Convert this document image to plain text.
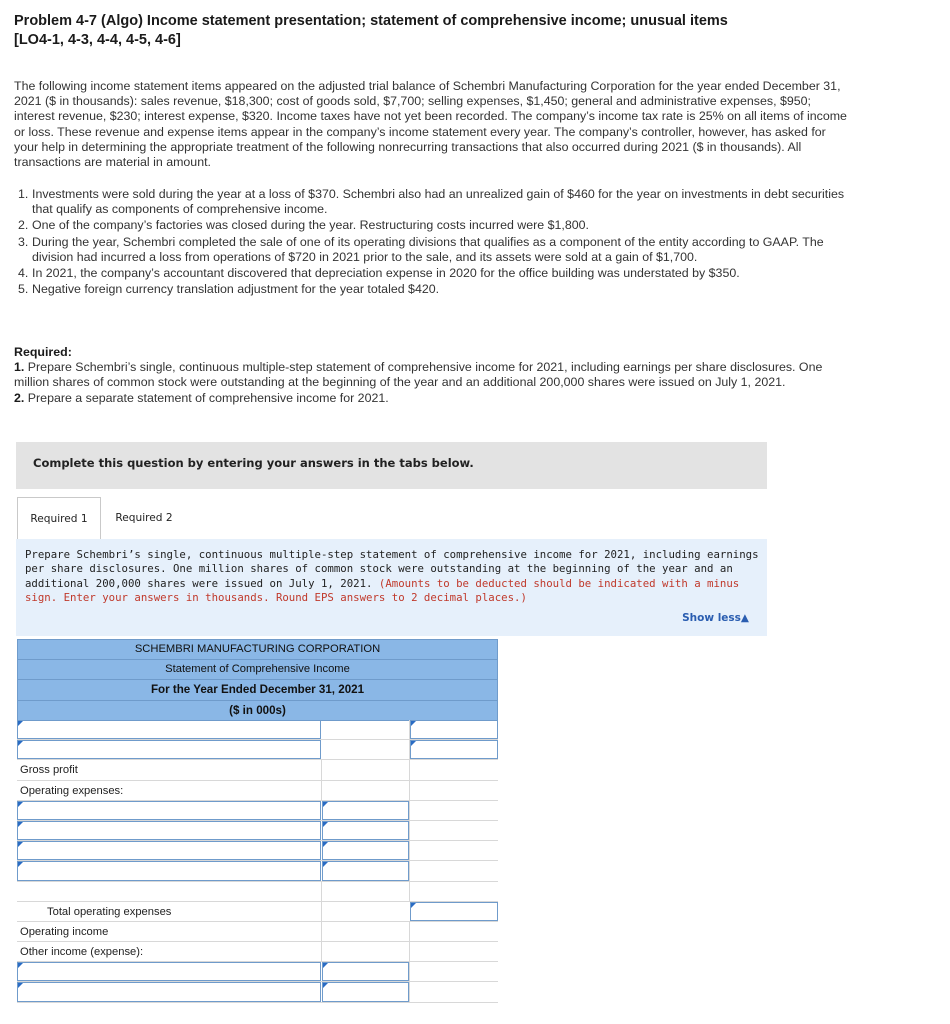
Problem 4-7 (Algo) Income statement presentation; statement of comprehensive income; unusual items
[LO4-1, 4-3, 4-4, 4-5, 4-6]

The following income statement items appeared on the adjusted trial balance of Schembri Manufacturing Corporation for the year ended December 31, 2021 ($ in thousands): sales revenue, $18,300; cost of goods sold, $7,700; selling expenses, $1,450; general and administrative expenses, $950; interest revenue, $230; interest expense, $320. Income taxes have not yet been recorded. The company’s income tax rate is 25% on all items of income or loss. These revenue and expense items appear in the company’s income statement every year. The company’s controller, however, has asked for your help in determining the appropriate treatment of the following nonrecurring transactions that also occurred during 2021 ($ in thousands). All transactions are material in amount.

1. Investments were sold during the year at a loss of $370. Schembri also had an unrealized gain of $460 for the year on investments in debt securities that qualify as components of comprehensive income.
2. One of the company’s factories was closed during the year. Restructuring costs incurred were $1,800.
3. During the year, Schembri completed the sale of one of its operating divisions that qualifies as a component of the entity according to GAAP. The division had incurred a loss from operations of $720 in 2021 prior to the sale, and its assets were sold at a gain of $1,700.
4. In 2021, the company’s accountant discovered that depreciation expense in 2020 for the office building was understated by $350.
5. Negative foreign currency translation adjustment for the year totaled $420.
Required:
1. Prepare Schembri’s single, continuous multiple-step statement of comprehensive income for 2021, including earnings per share disclosures. One million shares of common stock were outstanding at the beginning of the year and an additional 200,000 shares were issued on July 1, 2021.
2. Prepare a separate statement of comprehensive income for 2021.
Complete this question by entering your answers in the tabs below.
Required 1	Required 2

Prepare Schembri’s single, continuous multiple-step statement of comprehensive income for 2021, including earnings per share disclosures. One million shares of common stock were outstanding at the beginning of the year and an additional 200,000 shares were issued on July 1, 2021. (Amounts to be deducted should be indicated with a minus sign. Enter your answers in thousands. Round EPS answers to 2 decimal places.)

Show less▲
SCHEMBRI MANUFACTURING CORPORATION
Statement of Comprehensive Income
For the Year Ended December 31, 2021
($ in 000s)
Gross profit
Operating expenses:
Total operating expenses
Operating income
Other income (expense):
